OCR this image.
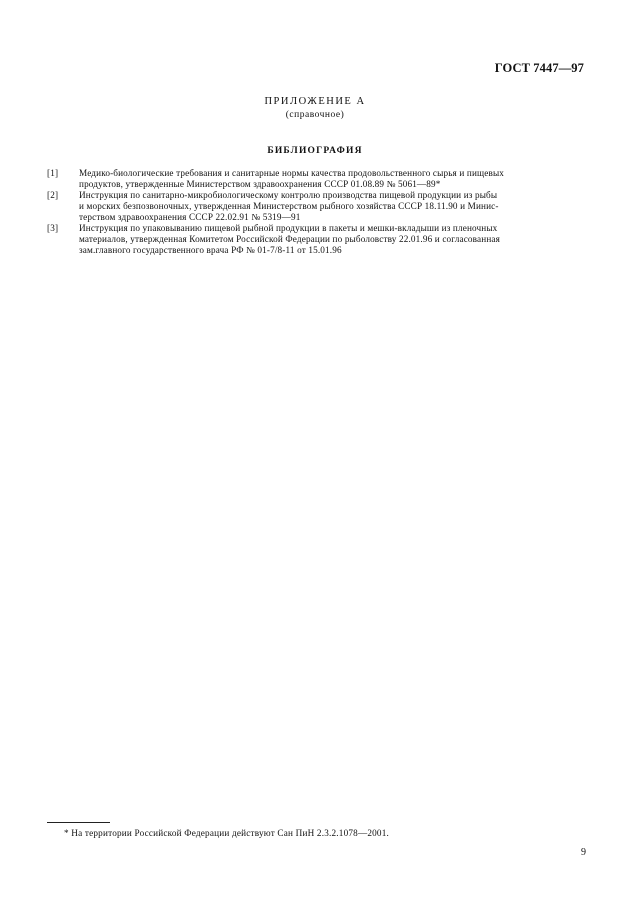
ГОСТ 7447—97
ПРИЛОЖЕНИЕ А
(справочное)
БИБЛИОГРАФИЯ
[1]	Медико-биологические требования и санитарные нормы качества продовольственного сырья и пищевых
продуктов, утвержденные Министерством здравоохранения СССР 01.08.89 № 5061—89*
[2]	Инструкция по санитарно-микробиологическому контролю производства пищевой продукции из рыбы
и морских безпозвоночных, утвержденная Министерством рыбного хозяйства СССР 18.11.90 и Минис-
терством здравоохранения СССР 22.02.91 № 5319—91
[3]	Инструкция по упаковыванию пищевой рыбной продукции в пакеты и мешки-вкладыши из пленочных
материалов, утвержденная Комитетом Российской Федерации по рыболовству 22.01.96 и согласованная
зам.главного государственного врача РФ № 01-7/8-11 от 15.01.96
* На территории Российской Федерации действуют Сан ПиН 2.3.2.1078—2001.
9
